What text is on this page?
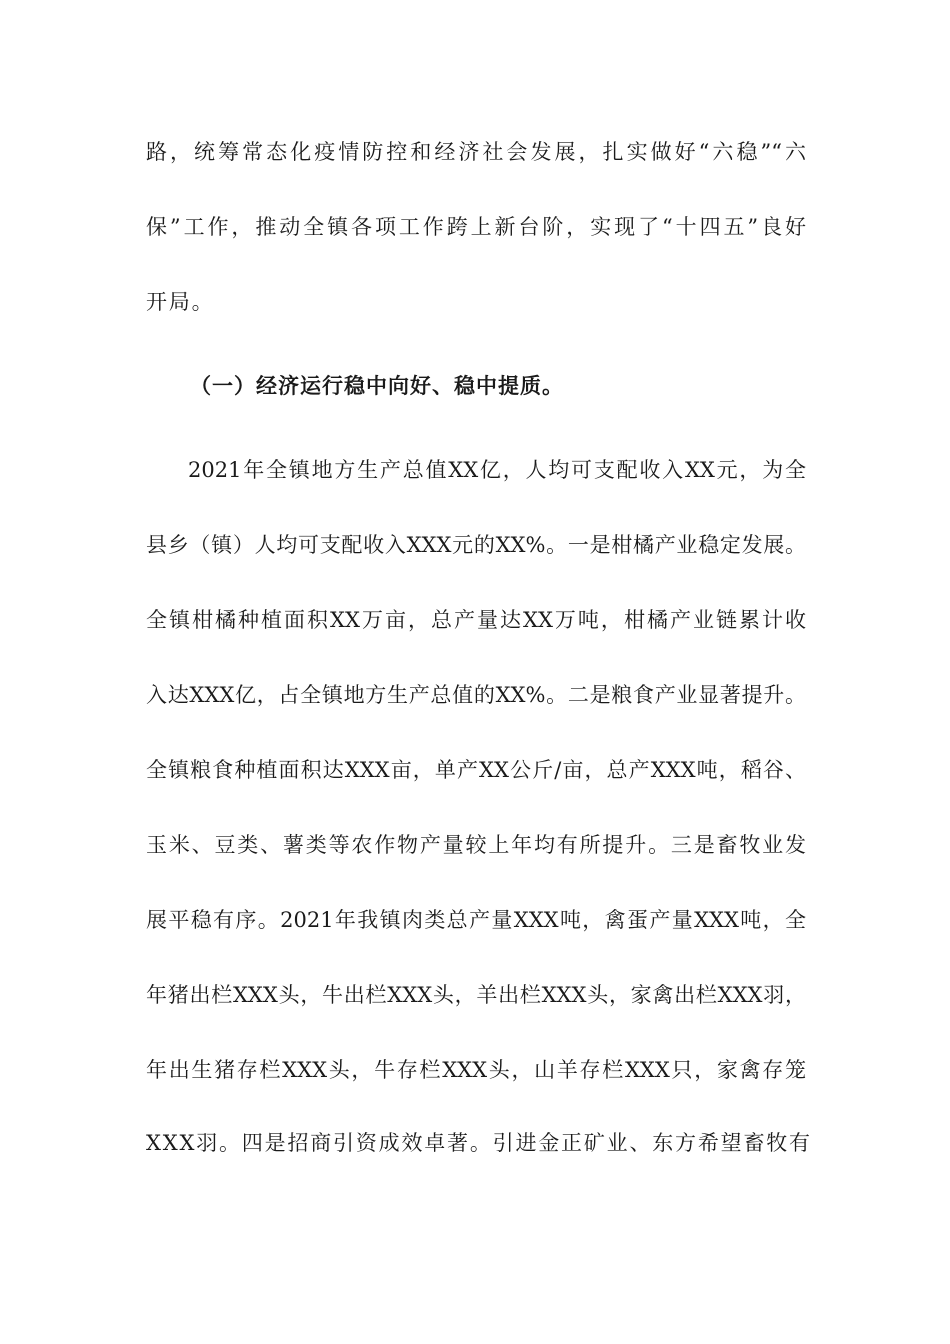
路，统筹常态化疫情防控和经济社会发展，扎实做好“六稳”“六
保”工作，推动全镇各项工作跨上新台阶，实现了“十四五”良好
开局。
（一）经济运行稳中向好、稳中提质。
2021年全镇地方生产总值XX亿，人均可支配收入XX元，为全
县乡（镇）人均可支配收入XXX元的XX%。一是柑橘产业稳定发展。
全镇柑橘种植面积XX万亩，总产量达XX万吨，柑橘产业链累计收
入达XXX亿，占全镇地方生产总值的XX%。二是粮食产业显著提升。
全镇粮食种植面积达XXX亩，单产XX公斤/亩，总产XXX吨，稻谷、
玉米、豆类、薯类等农作物产量较上年均有所提升。三是畜牧业发
展平稳有序。2021年我镇肉类总产量XXX吨，禽蛋产量XXX吨，全
年猪出栏XXX头，牛出栏XXX头，羊出栏XXX头，家禽出栏XXX羽，
年出生猪存栏XXX头，牛存栏XXX头，山羊存栏XXX只，家禽存笼
XXX羽。四是招商引资成效卓著。引进金正矿业、东方希望畜牧有
